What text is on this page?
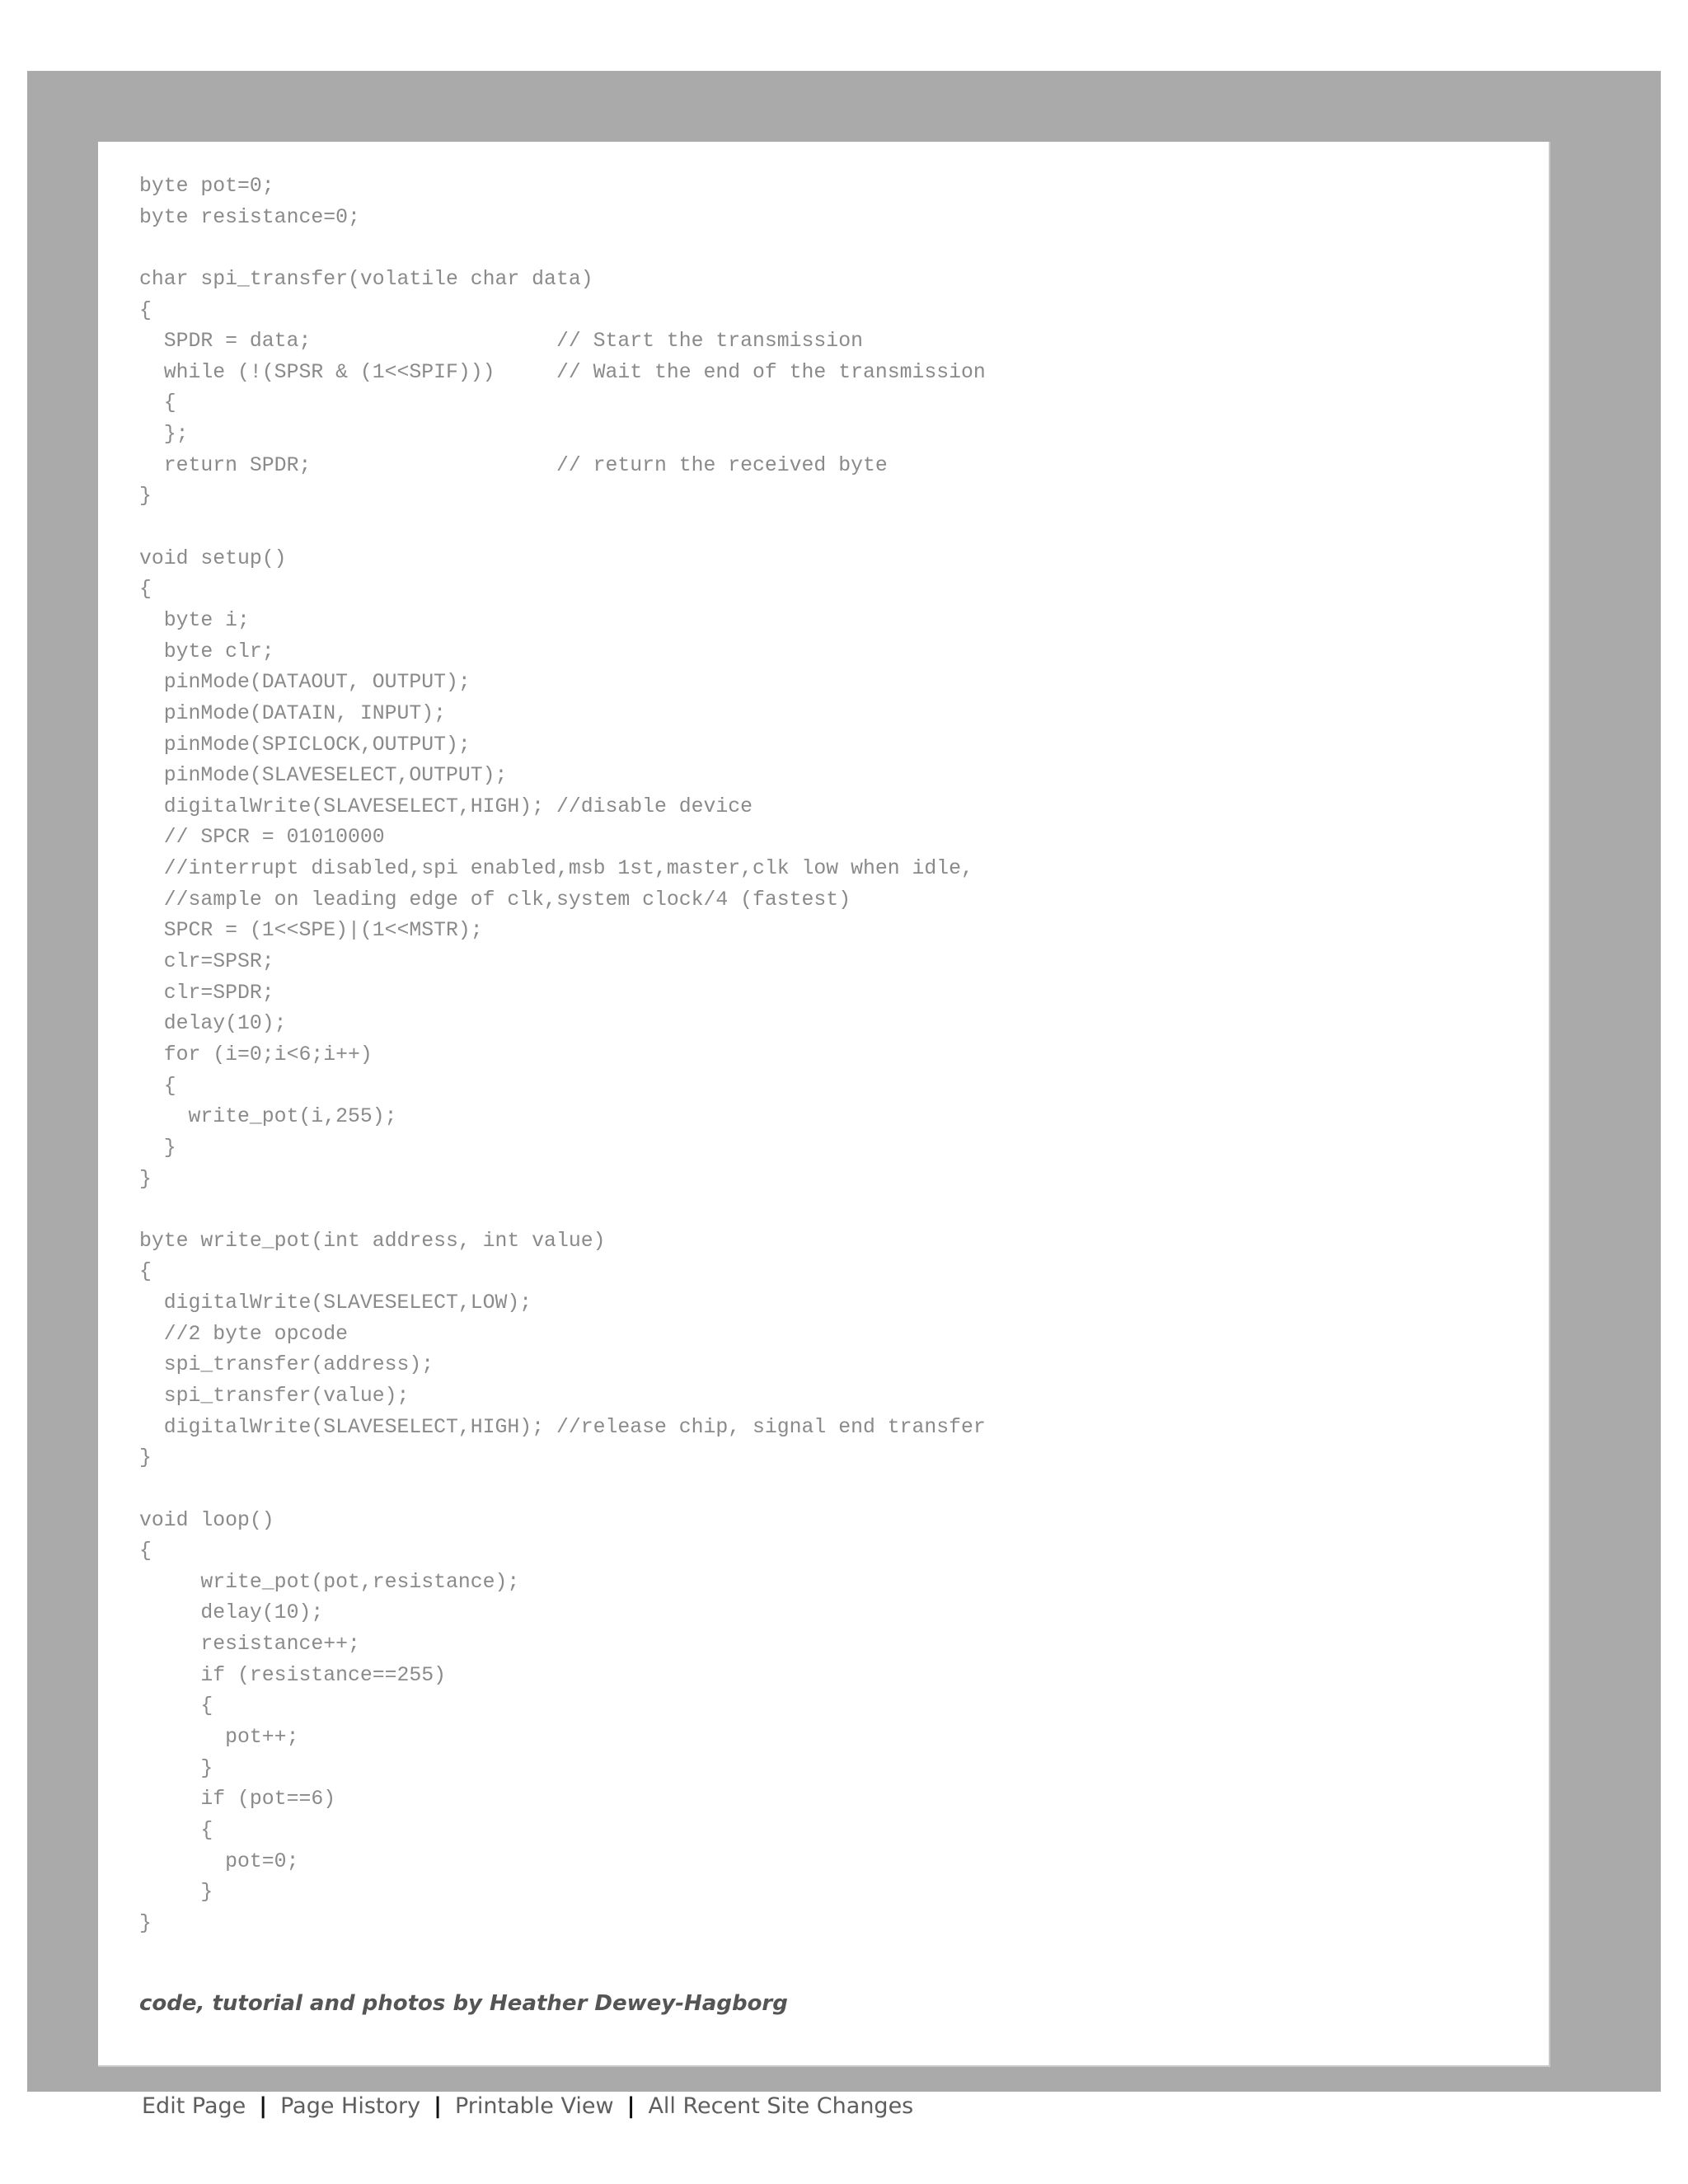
byte pot=0;
byte resistance=0;
char spi_transfer(volatile char data)
{
SPDR = data;                    // Start the transmission
while (!(SPSR & (1<<SPIF)))     // Wait the end of the transmission
{
};
return SPDR;                    // return the received byte
}
void setup()
{
byte i;
byte clr;
pinMode(DATAOUT, OUTPUT);
pinMode(DATAIN, INPUT);
pinMode(SPICLOCK,OUTPUT);
pinMode(SLAVESELECT,OUTPUT);
digitalWrite(SLAVESELECT,HIGH); //disable device
// SPCR = 01010000
//interrupt disabled,spi enabled,msb 1st,master,clk low when idle,
//sample on leading edge of clk,system clock/4 (fastest)
SPCR = (1<<SPE)|(1<<MSTR);
clr=SPSR;
clr=SPDR;
delay(10);
for (i=0;i<6;i++)
{
write_pot(i,255);
}
}
byte write_pot(int address, int value)
{
digitalWrite(SLAVESELECT,LOW);
//2 byte opcode
spi_transfer(address);
spi_transfer(value);
digitalWrite(SLAVESELECT,HIGH); //release chip, signal end transfer
}
void loop()
{
write_pot(pot,resistance);
delay(10);
resistance++;
if (resistance==255)
{
pot++;
}
if (pot==6)
{
pot=0;
}
}
code, tutorial and photos by Heather Dewey-Hagborg
Edit Page | Page History | Printable View | All Recent Site Changes
